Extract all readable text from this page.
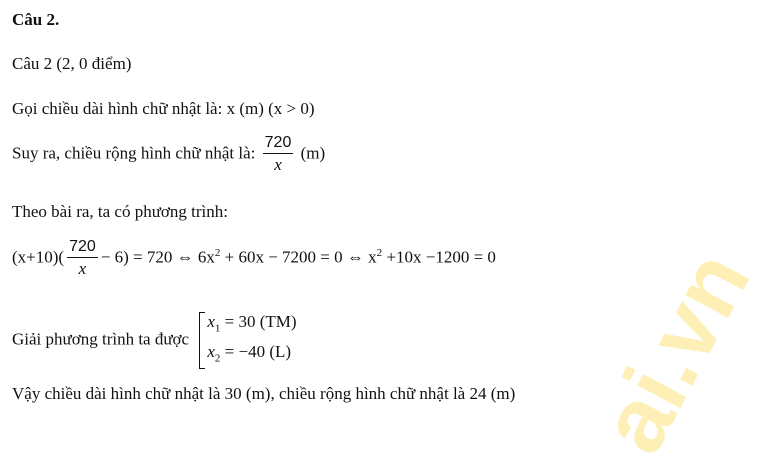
ai.vn
Câu 2.
Câu 2 (2, 0 điểm)
Gọi chiều dài hình chữ nhật là: x (m) (x > 0)
Suy ra, chiều rộng hình chữ nhật là: $\frac{720}{x} (m)$
Theo bài ra, ta có phương trình:
$(x+10)( \frac{720}{x} - 6) = 720$ ⇔ $6x^2 + 60x - 7200 = 0$ ⇔ $x^2 +10x -1200 = 0$
Giải phương trình ta được
$x_1 = 30$ (TM)
$x_2 = -40$ (L)
Vậy chiều dài hình chữ nhật là 30 (m), chiều rộng hình chữ nhật là 24 (m)
